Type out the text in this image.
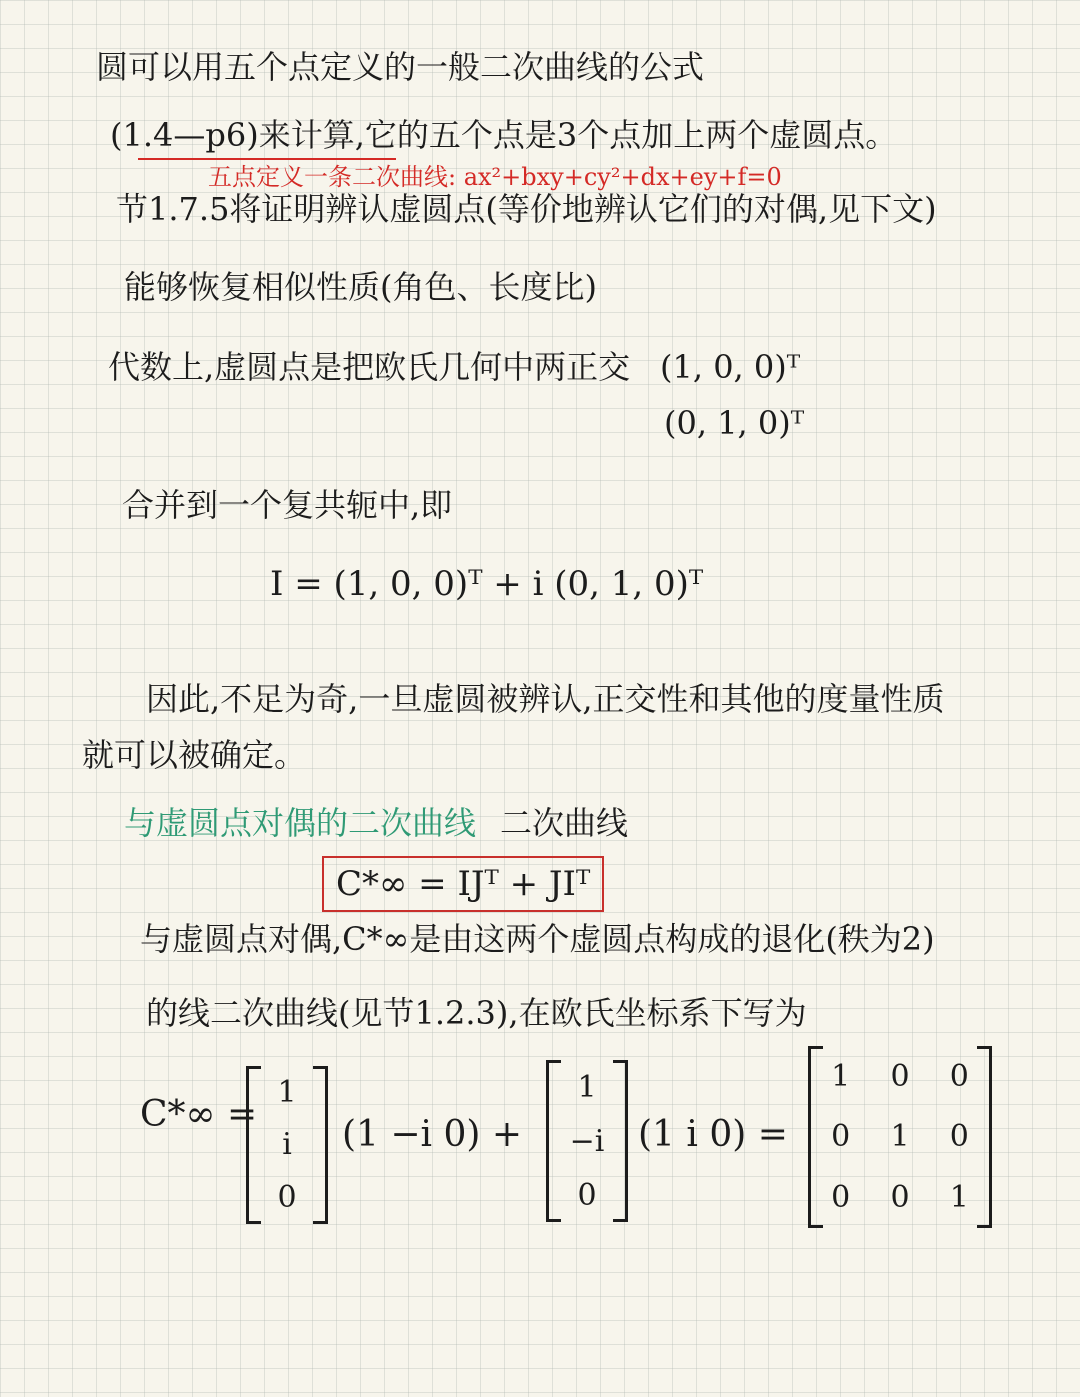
圆可以用五个点定义的一般二次曲线的公式
(1.4—p6)来计算,它的五个点是3个点加上两个虚圆点。
五点定义一条二次曲线: ax²+bxy+cy²+dx+ey+f=0
节1.7.5将证明辨认虚圆点(等价地辨认它们的对偶,见下文)
能够恢复相似性质(角色、长度比)
代数上,虚圆点是把欧氏几何中两正交 (1, 0, 0)ᵀ
(0, 1, 0)ᵀ
合并到一个复共轭中,即
I = (1, 0, 0)ᵀ + i (0, 1, 0)ᵀ
因此,不足为奇,一旦虚圆被辨认,正交性和其他的度量性质
就可以被确定。
与虚圆点对偶的二次曲线 二次曲线
C*∞ = IJᵀ + JIᵀ
与虚圆点对偶,C*∞是由这两个虚圆点构成的退化(秩为2)
的线二次曲线(见节1.2.3),在欧氏坐标系下写为
C*∞ =
1
i
0
(1 −i 0) +
1
−i
0
(1 i 0) =
1 0 0
0 1 0
0 0 1
